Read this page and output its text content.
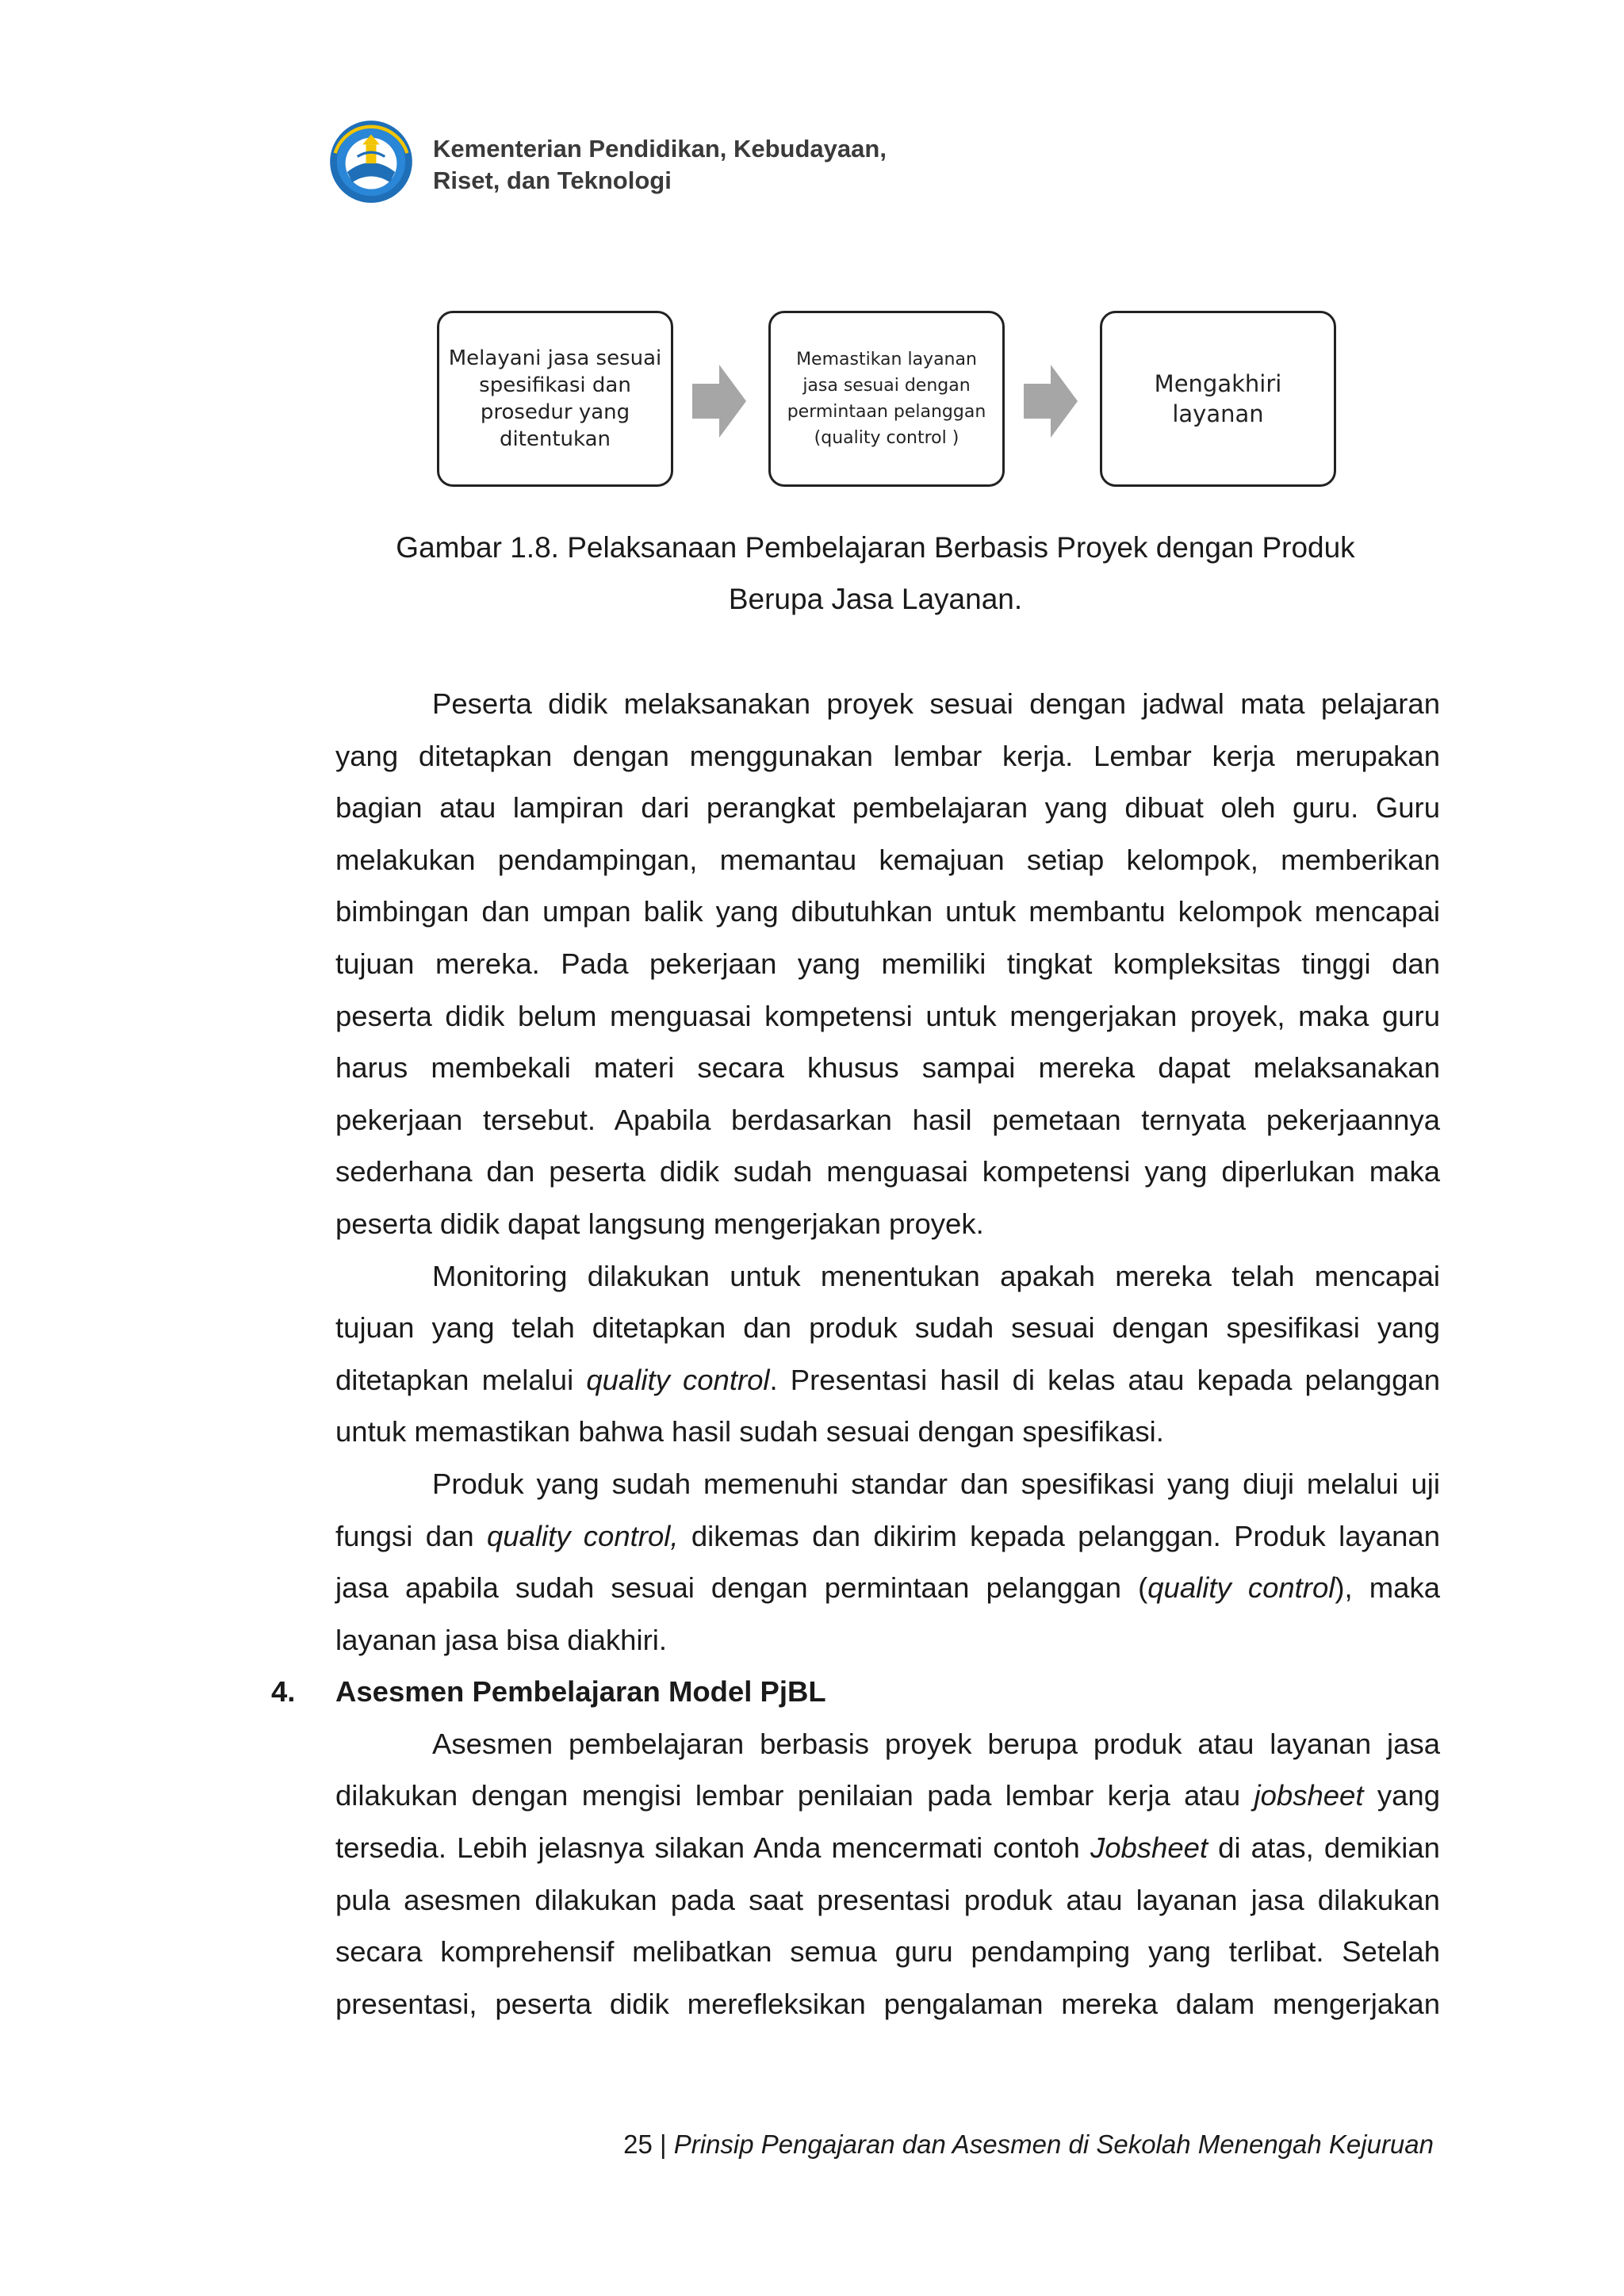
Kementerian Pendidikan, Kebudayaan,
Riset, dan Teknologi
Melayani jasa sesuai
spesifikasi dan
prosedur yang
ditentukan
Memastikan layanan
jasa sesuai dengan
permintaan pelanggan
(quality control )
Mengakhiri
layanan
Gambar 1.8. Pelaksanaan Pembelajaran Berbasis Proyek dengan Produk
Berupa Jasa Layanan.
Peserta didik melaksanakan proyek sesuai dengan jadwal mata pelajaran
yang ditetapkan dengan menggunakan lembar kerja. Lembar kerja merupakan
bagian atau lampiran dari perangkat pembelajaran yang dibuat oleh guru. Guru
melakukan pendampingan, memantau kemajuan setiap kelompok, memberikan
bimbingan dan umpan balik yang dibutuhkan untuk membantu kelompok mencapai
tujuan mereka. Pada pekerjaan yang memiliki tingkat kompleksitas tinggi dan
peserta didik belum menguasai kompetensi untuk mengerjakan proyek, maka guru
harus membekali materi secara khusus sampai mereka dapat melaksanakan
pekerjaan tersebut. Apabila berdasarkan hasil pemetaan ternyata pekerjaannya
sederhana dan peserta didik sudah menguasai kompetensi yang diperlukan maka
peserta didik dapat langsung mengerjakan proyek.
Monitoring dilakukan untuk menentukan apakah mereka telah mencapai
tujuan yang telah ditetapkan dan produk sudah sesuai dengan spesifikasi yang
ditetapkan melalui quality control. Presentasi hasil di kelas atau kepada pelanggan
untuk memastikan bahwa hasil sudah sesuai dengan spesifikasi.
Produk yang sudah memenuhi standar dan spesifikasi yang diuji melalui uji
fungsi dan quality control, dikemas dan dikirim kepada pelanggan. Produk layanan
jasa apabila sudah sesuai dengan permintaan pelanggan (quality control), maka
layanan jasa bisa diakhiri.
4. Asesmen Pembelajaran Model PjBL
Asesmen pembelajaran berbasis proyek berupa produk atau layanan jasa
dilakukan dengan mengisi lembar penilaian pada lembar kerja atau jobsheet yang
tersedia. Lebih jelasnya silakan Anda mencermati contoh Jobsheet di atas, demikian
pula asesmen dilakukan pada saat presentasi produk atau layanan jasa dilakukan
secara komprehensif melibatkan semua guru pendamping yang terlibat. Setelah
presentasi, peserta didik merefleksikan pengalaman mereka dalam mengerjakan
25 | Prinsip Pengajaran dan Asesmen di Sekolah Menengah Kejuruan
